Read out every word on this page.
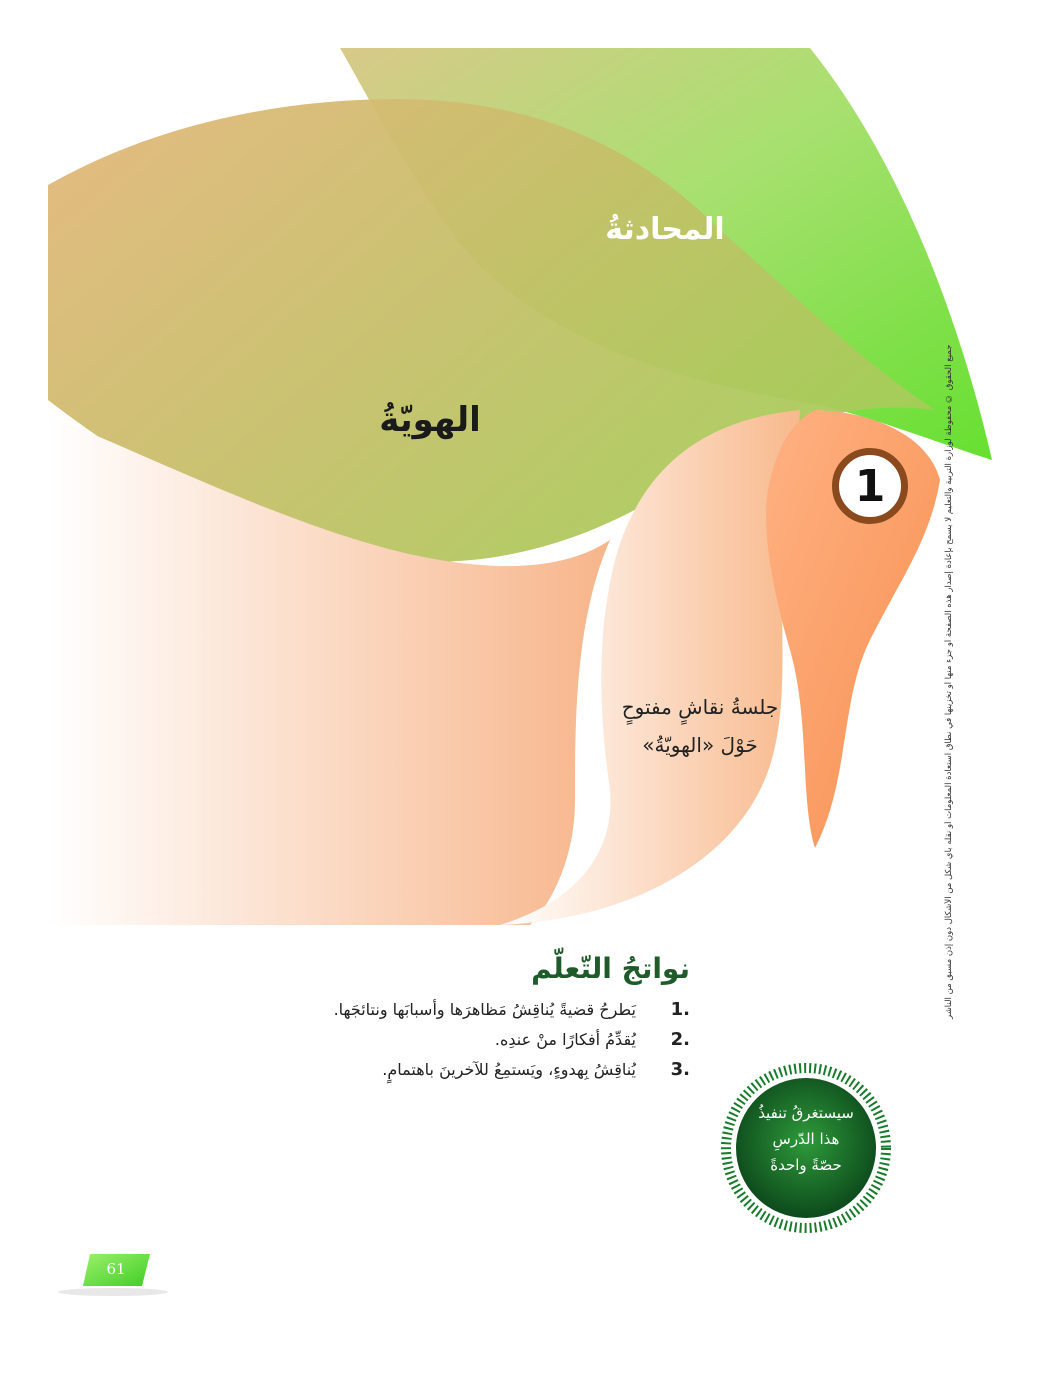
المحادثةُ
الهويّةُ
1
جلسةُ نقاشٍ مفتوحٍ
حَوْلَ «الهويّةُ»	جميع الحقوق © محفوظة لوزارة التربية والتعليم لا يسمح بإعادة إصدار هذه الصفحة أو جزء منها أو تخزينها في نطاق استعادة المعلومات أو نقله بأي شكل من الأشكال دون إذن مسبق من الناشر
نواتجُ التّعلّم
1.
يَطرحُ قضيةً يُناقِشُ مَظاهرَها وأسبابَها ونتائجَها.
2.
يُقدِّمُ أفكارًا منْ عندِه.
3.
يُناقِشُ بِهدوءٍ، ويَستمِعُ للآخرينَ باهتمامٍ.
سيستغرقُ تنفيذُ
هذا الدّرسِ
حصّةً واحدةً
61
